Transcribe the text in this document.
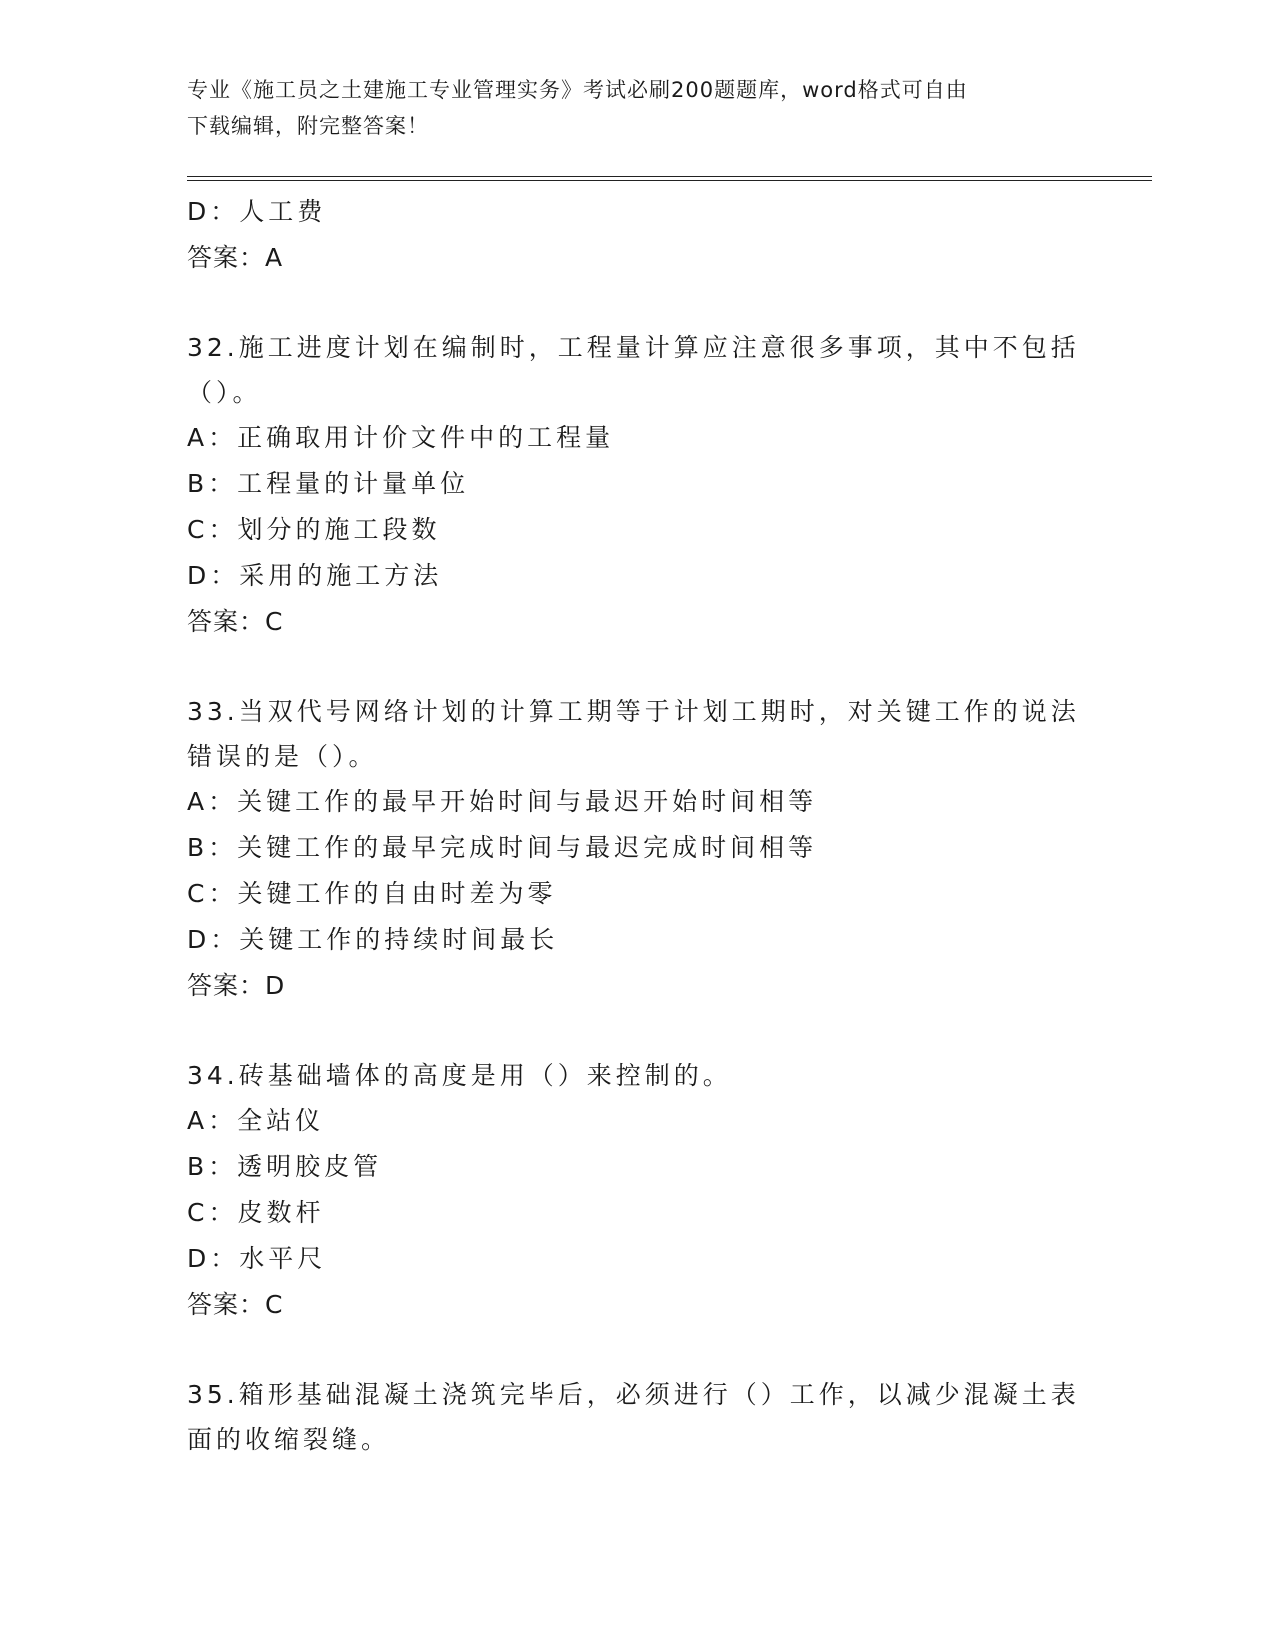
专业《施工员之土建施工专业管理实务》考试必刷200题题库，word格式可自由
下载编辑，附完整答案！
D：人工费
答案：A
32.施工进度计划在编制时，工程量计算应注意很多事项，其中不包括
（）。
A：正确取用计价文件中的工程量
B：工程量的计量单位
C：划分的施工段数
D：采用的施工方法
答案：C
33.当双代号网络计划的计算工期等于计划工期时，对关键工作的说法
错误的是（）。
A：关键工作的最早开始时间与最迟开始时间相等
B：关键工作的最早完成时间与最迟完成时间相等
C：关键工作的自由时差为零
D：关键工作的持续时间最长
答案：D
34.砖基础墙体的高度是用（）来控制的。
A：全站仪
B：透明胶皮管
C：皮数杆
D：水平尺
答案：C
35.箱形基础混凝土浇筑完毕后，必须进行（）工作，以减少混凝土表
面的收缩裂缝。
